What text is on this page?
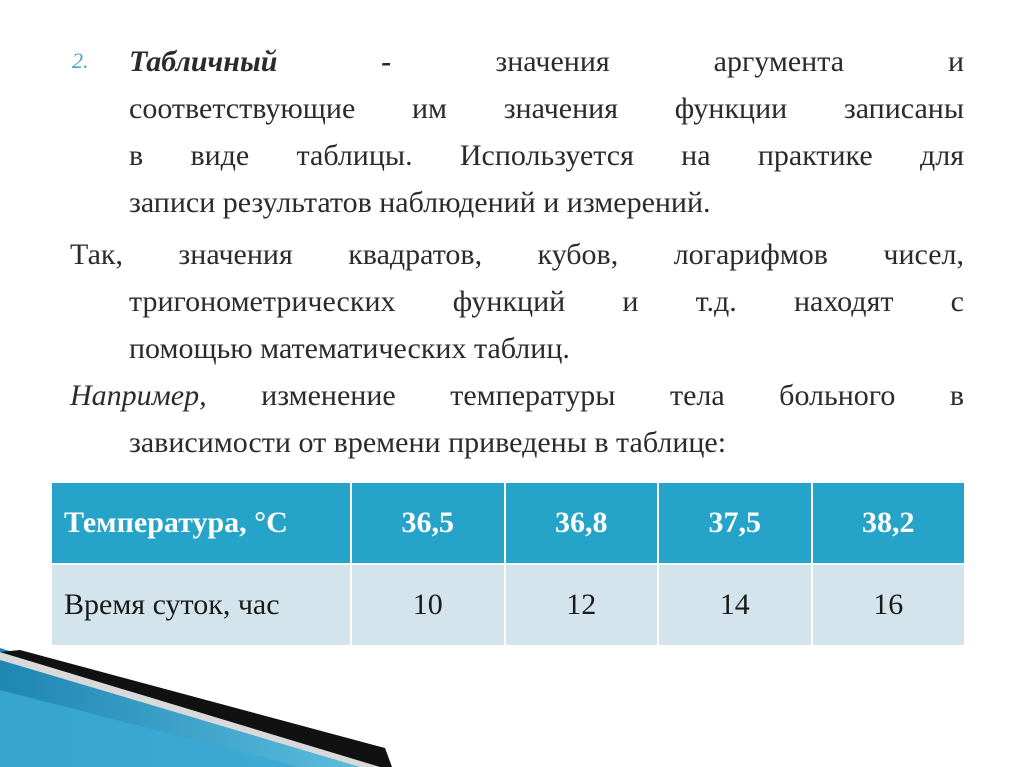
2. Табличный	-	значения аргумента и
соответствующие им значения функции записаны
в виде таблицы. Используется на практике для
записи результатов наблюдений и измерений.
Так, значения квадратов, кубов, логарифмов чисел,
тригонометрических функций и т.д. находят с
помощью математических таблиц.
Например, изменение температуры тела больного в
зависимости от времени приведены в таблице:
Температура, °С	36,5	36,8	37,5	38,2
Время суток, час	10	12	14	16
